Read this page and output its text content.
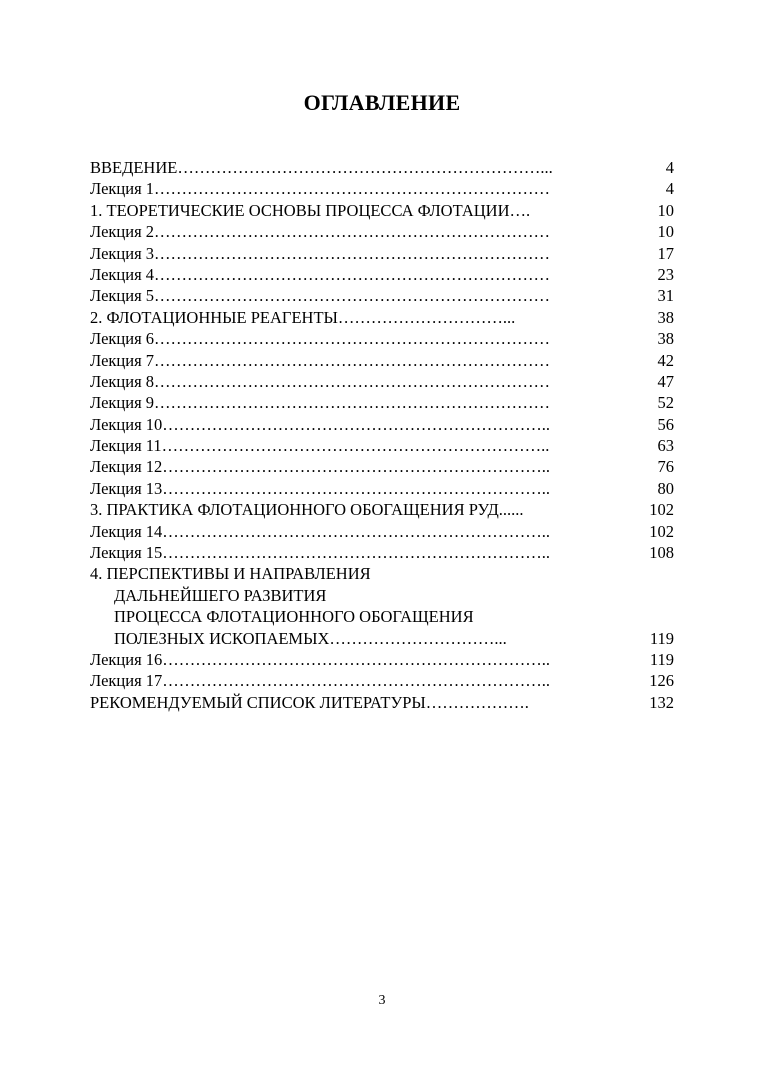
ОГЛАВЛЕНИЕ
ВВЕДЕНИЕ…………………………………………………………...	4
Лекция 1………………………………………………………………	4
1. ТЕОРЕТИЧЕСКИЕ ОСНОВЫ ПРОЦЕССА ФЛОТАЦИИ….	10
Лекция 2………………………………………………………………	10
Лекция 3………………………………………………………………	17
Лекция 4………………………………………………………………	23
Лекция 5………………………………………………………………	31
2. ФЛОТАЦИОННЫЕ РЕАГЕНТЫ…………………………...	38
Лекция 6………………………………………………………………	38
Лекция 7………………………………………………………………	42
Лекция 8………………………………………………………………	47
Лекция 9………………………………………………………………	52
Лекция 10……………………………………………………………..	56
Лекция 11……………………………………………………………..	63
Лекция 12……………………………………………………………..	76
Лекция 13……………………………………………………………..	80
3. ПРАКТИКА ФЛОТАЦИОННОГО ОБОГАЩЕНИЯ РУД......	102
Лекция 14……………………………………………………………..	102
Лекция 15……………………………………………………………..	108
4. ПЕРСПЕКТИВЫ И НАПРАВЛЕНИЯ
ДАЛЬНЕЙШЕГО РАЗВИТИЯ
ПРОЦЕССА ФЛОТАЦИОННОГО ОБОГАЩЕНИЯ
ПОЛЕЗНЫХ ИСКОПАЕМЫХ…………………………...	119
Лекция 16……………………………………………………………..	119
Лекция 17……………………………………………………………..	126
РЕКОМЕНДУЕМЫЙ СПИСОК ЛИТЕРАТУРЫ……………….	132
3
